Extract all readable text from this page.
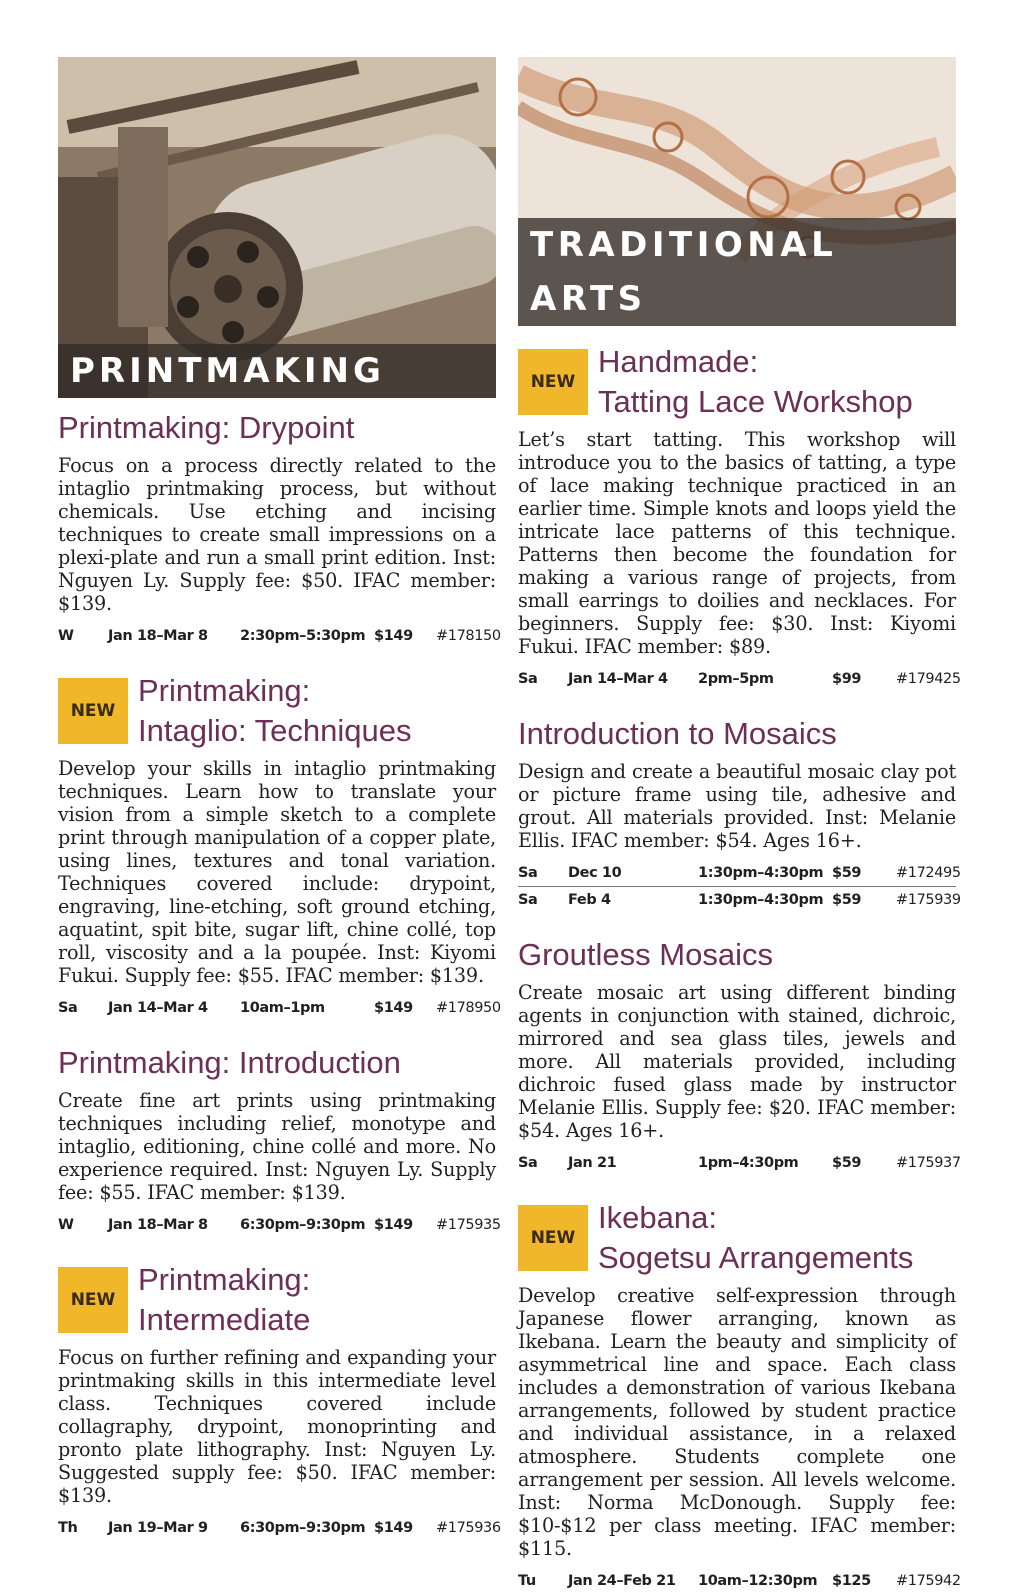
PRINTMAKING
Printmaking: Drypoint

Focus on a process directly related to the intaglio printmaking process, but without chemicals. Use etching and incising techniques to create small impressions on a plexi-plate and run a small print edition. Inst: Nguyen Ly. Supply fee: $50. IFAC member: $139.

W	Jan 18–Mar 8	2:30pm–5:30pm $149	#178150
NEW
Printmaking:
Intaglio: Techniques

Develop your skills in intaglio printmaking techniques. Learn how to translate your vision from a simple sketch to a complete print through manipulation of a copper plate, using lines, textures and tonal variation. Techniques covered include: drypoint, engraving, line-etching, soft ground etching, aquatint, spit bite, sugar lift, chine collé, top roll, viscosity and a la poupée. Inst: Kiyomi Fukui. Supply fee: $55. IFAC member: $139.

Sa	Jan 14–Mar 4	10am–1pm	$149	#178950
Printmaking: Introduction

Create fine art prints using printmaking techniques including relief, monotype and intaglio, editioning, chine collé and more. No experience required. Inst: Nguyen Ly. Supply fee: $55. IFAC member: $139.

W	Jan 18–Mar 8	6:30pm–9:30pm $149	#175935
NEW
Printmaking:
Intermediate

Focus on further refining and expanding your printmaking skills in this intermediate level class. Techniques covered include collagraphy, drypoint, monoprinting and pronto plate lithography. Inst: Nguyen Ly. Suggested supply fee: $50. IFAC member: $139.

Th	Jan 19–Mar 9	6:30pm–9:30pm $149	#175936
TRADITIONAL ARTS
NEW
Handmade:
Tatting Lace Workshop

Let’s start tatting. This workshop will introduce you to the basics of tatting, a type of lace making technique practiced in an earlier time. Simple knots and loops yield the intricate lace patterns of this technique. Patterns then become the foundation for making a various range of projects, from small earrings to doilies and necklaces. For beginners. Supply fee: $30. Inst: Kiyomi Fukui. IFAC member: $89.

Sa	Jan 14–Mar 4	2pm–5pm	$99	#179425
Introduction to Mosaics

Design and create a beautiful mosaic clay pot or picture frame using tile, adhesive and grout. All materials provided. Inst: Melanie Ellis. IFAC member: $54. Ages 16+.

Sa	Dec 10	1:30pm–4:30pm $59	#172495
Sa	Feb 4	1:30pm–4:30pm $59	#175939
Groutless Mosaics

Create mosaic art using different binding agents in conjunction with stained, dichroic, mirrored and sea glass tiles, jewels and more. All materials provided, including dichroic fused glass made by instructor Melanie Ellis. Supply fee: $20. IFAC member: $54. Ages 16+.

Sa	Jan 21	1pm–4:30pm	$59	#175937
NEW
Ikebana:
Sogetsu Arrangements

Develop creative self-expression through Japanese flower arranging, known as Ikebana. Learn the beauty and simplicity of asymmetrical line and space. Each class includes a demonstration of various Ikebana arrangements, followed by student practice and individual assistance, in a relaxed atmosphere. Students complete one arrangement per session. All levels welcome. Inst: Norma McDonough. Supply fee: $10-$12 per class meeting. IFAC member: $115.

Tu	Jan 24–Feb 21	10am–12:30pm	$125	#175942
